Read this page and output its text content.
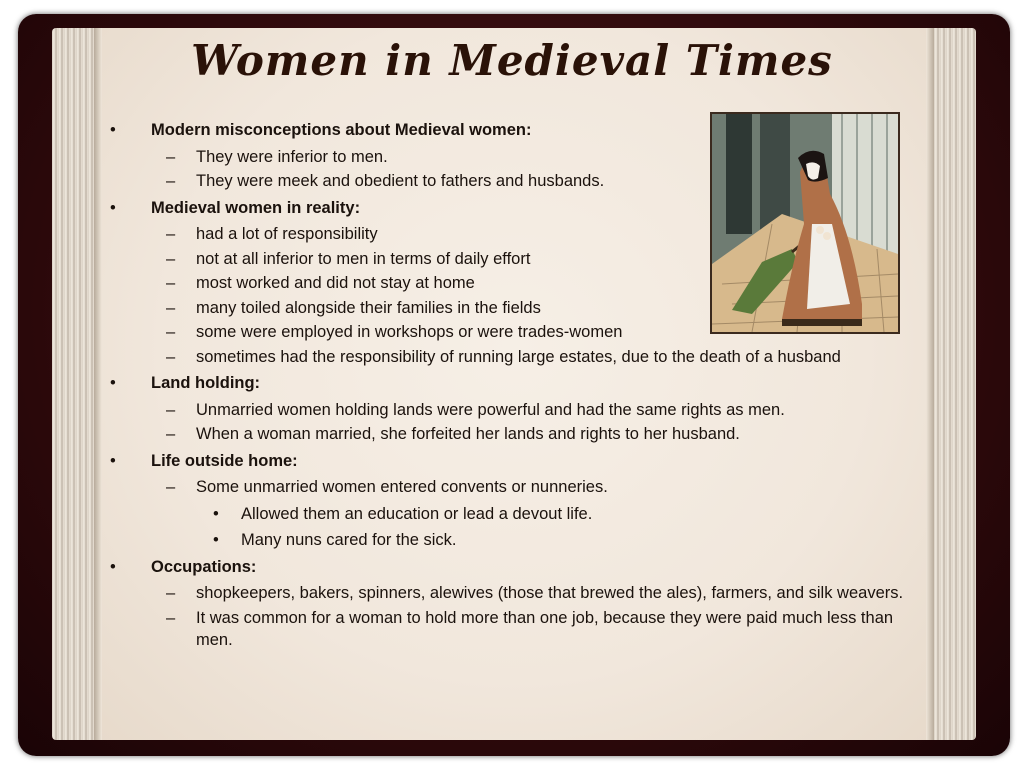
Women in Medieval Times
•	Modern misconceptions about Medieval women:
– They were inferior to men.
– They were meek and obedient to fathers and husbands.
•	Medieval women in reality:
– had a lot of responsibility
– not at all inferior to men in terms of daily effort
– most worked and did not stay at home
– many toiled alongside their families in the fields
– some were employed in workshops or were trades-women
– sometimes had the responsibility of running large estates, due to the death of a husband
•	Land holding:
– Unmarried women holding lands were powerful and had the same rights as men.
– When a woman married, she forfeited her lands and rights to her husband.
•	Life outside home:
– Some unmarried women entered convents or nunneries.
• Allowed them an education or lead a devout life.
• Many nuns cared for the sick.
•	Occupations:
– shopkeepers, bakers, spinners, alewives (those that brewed the ales), farmers, and silk weavers.
– It was common for a woman to hold more than one job, because they were paid much less than men.
